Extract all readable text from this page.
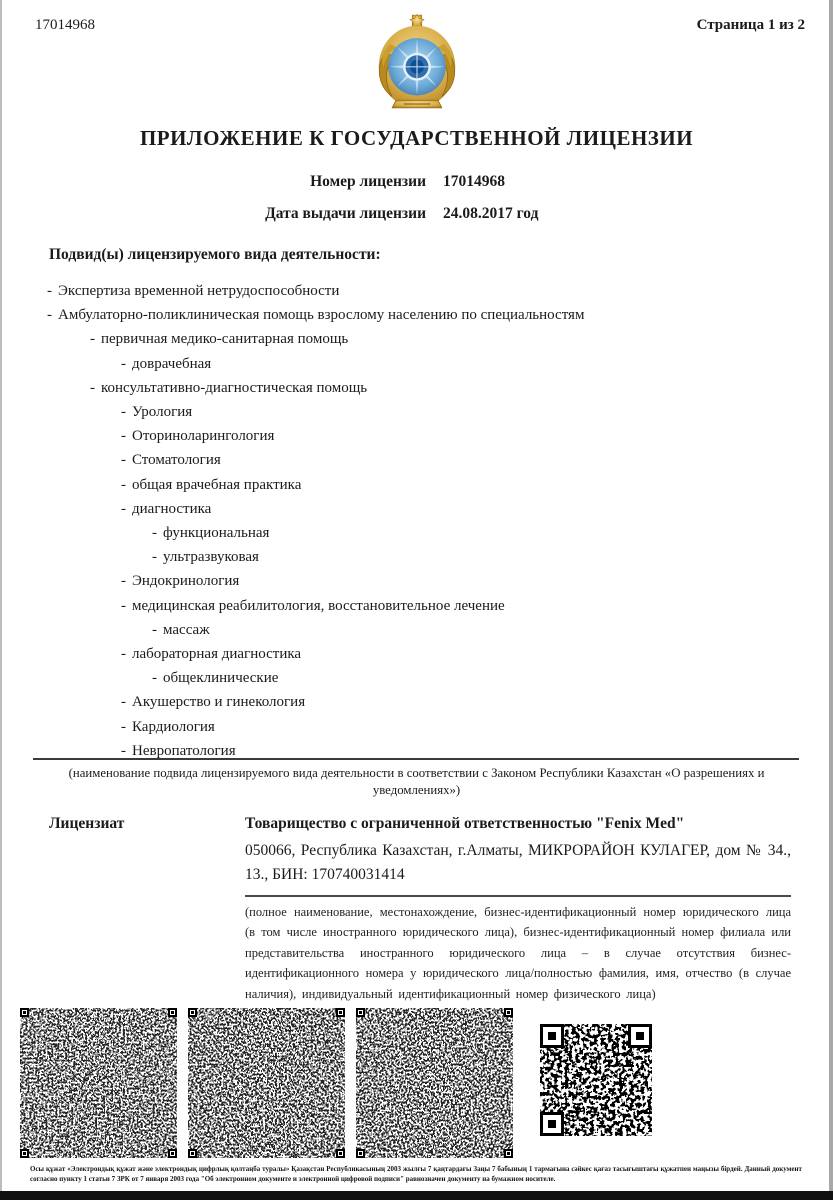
17014968	Страница 1 из 2
ПРИЛОЖЕНИЕ К ГОСУДАРСТВЕННОЙ ЛИЦЕНЗИИ
Номер лицензии 17014968
Дата выдачи лицензии 24.08.2017 год
Подвид(ы) лицензируемого вида деятельности:
- Экспертиза временной нетрудоспособности
- Амбулаторно-поликлиническая помощь взрослому населению по специальностям
- первичная медико-санитарная помощь
- доврачебная
- консультативно-диагностическая помощь
- Урология
- Оториноларингология
- Стоматология
- общая врачебная практика
- диагностика
- функциональная
- ультразвуковая
- Эндокринология
- медицинская реабилитология, восстановительное лечение
- массаж
- лабораторная диагностика
- общеклинические
- Акушерство и гинекология
- Кардиология
- Невропатология
(наименование подвида лицензируемого вида деятельности в соответствии с Законом Республики Казахстан «О разрешениях и уведомлениях»)
Лицензиат	Товарищество с ограниченной ответственностью "Fenix Med"

050066, Республика Казахстан, г.Алматы, МИКРОРАЙОН КУЛАГЕР, дом № 34., 13., БИН: 170740031414

(полное наименование, местонахождение, бизнес-идентификационный номер юридического лица (в том числе иностранного юридического лица), бизнес-идентификационный номер филиала или представительства иностранного юридического лица – в случае отсутствия бизнес-идентификационного номера у юридического лица/полностью фамилия, имя, отчество (в случае наличия), индивидуальный идентификационный номер физического лица)
Осы құжат «Электрондық құжат және электрондық цифрлық қолтаңба туралы» Қазақстан Республикасының 2003 жылғы 7 қаңтардағы Заңы 7 бабының 1 тармағына сәйкес қағаз тасығыштағы құжатпен маңызы бірдей. Данный документ согласно пункту 1 статьи 7 ЗРК от 7 января 2003 года "Об электронном документе и электронной цифровой подписи" равнозначен документу на бумажном носителе.
